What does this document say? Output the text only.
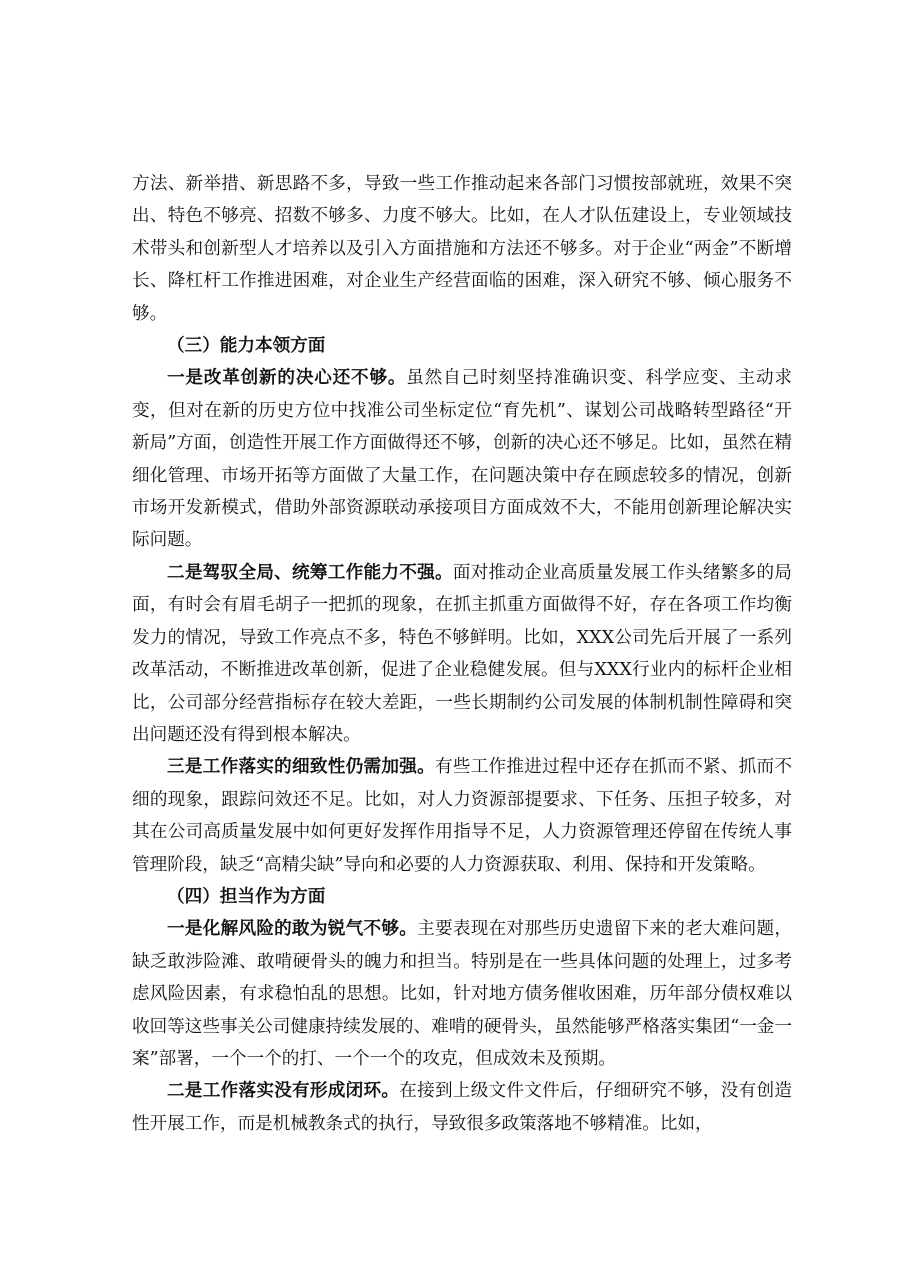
方法、新举措、新思路不多，导致一些工作推动起来各部门习惯按部就班，效果不突出、特色不够亮、招数不够多、力度不够大。比如，在人才队伍建设上，专业领域技术带头和创新型人才培养以及引入方面措施和方法还不够多。对于企业“两金”不断增长、降杠杆工作推进困难，对企业生产经营面临的困难，深入研究不够、倾心服务不够。

（三）能力本领方面

一是改革创新的决心还不够。虽然自己时刻坚持准确识变、科学应变、主动求变，但对在新的历史方位中找准公司坐标定位“育先机”、谋划公司战略转型路径“开新局”方面，创造性开展工作方面做得还不够，创新的决心还不够足。比如，虽然在精细化管理、市场开拓等方面做了大量工作，在问题决策中存在顾虑较多的情况，创新市场开发新模式，借助外部资源联动承接项目方面成效不大，不能用创新理论解决实际问题。

二是驾驭全局、统筹工作能力不强。面对推动企业高质量发展工作头绪繁多的局面，有时会有眉毛胡子一把抓的现象，在抓主抓重方面做得不好，存在各项工作均衡发力的情况，导致工作亮点不多，特色不够鲜明。比如，XXX公司先后开展了一系列改革活动，不断推进改革创新，促进了企业稳健发展。但与XXX行业内的标杆企业相比，公司部分经营指标存在较大差距，一些长期制约公司发展的体制机制性障碍和突出问题还没有得到根本解决。

三是工作落实的细致性仍需加强。有些工作推进过程中还存在抓而不紧、抓而不细的现象，跟踪问效还不足。比如，对人力资源部提要求、下任务、压担子较多，对其在公司高质量发展中如何更好发挥作用指导不足，人力资源管理还停留在传统人事管理阶段，缺乏“高精尖缺”导向和必要的人力资源获取、利用、保持和开发策略。

（四）担当作为方面

一是化解风险的敢为锐气不够。主要表现在对那些历史遗留下来的老大难问题，缺乏敢涉险滩、敢啃硬骨头的魄力和担当。特别是在一些具体问题的处理上，过多考虑风险因素，有求稳怕乱的思想。比如，针对地方债务催收困难，历年部分债权难以收回等这些事关公司健康持续发展的、难啃的硬骨头，虽然能够严格落实集团“一金一案”部署，一个一个的打、一个一个的攻克，但成效未及预期。

二是工作落实没有形成闭环。在接到上级文件文件后，仔细研究不够，没有创造性开展工作，而是机械教条式的执行，导致很多政策落地不够精准。比如，
